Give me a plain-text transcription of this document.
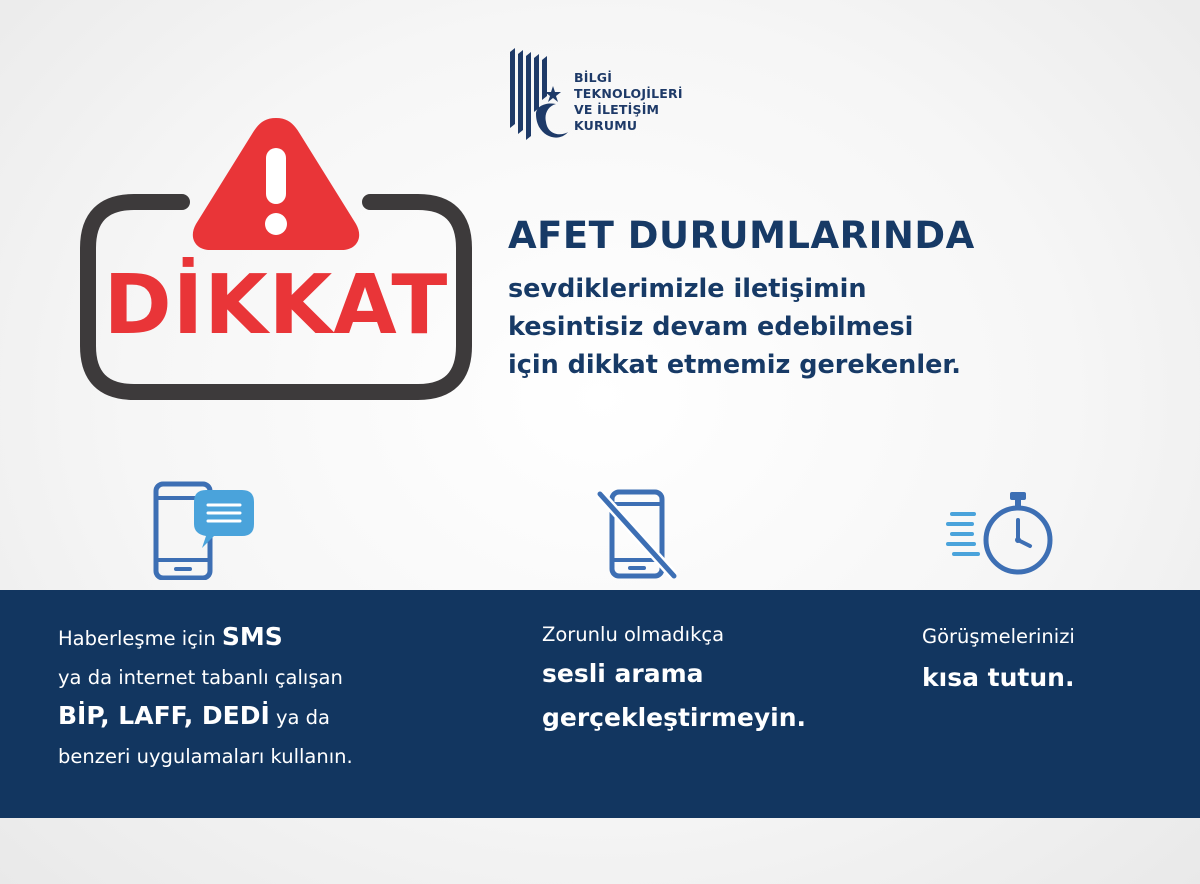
BİLGİ
TEKNOLOJİLERİ
VE İLETİŞİM
KURUMU
DİKKAT
AFET DURUMLARINDA
sevdiklerimizle iletişimin
kesintisiz devam edebilmesi
için dikkat etmemiz gerekenler.
Haberleşme için SMS
ya da internet tabanlı çalışan
BİP, LAFF, DEDİ ya da
benzeri uygulamaları kullanın.
Zorunlu olmadıkça
sesli arama
gerçekleştirmeyin.
Görüşmelerinizi
kısa tutun.
